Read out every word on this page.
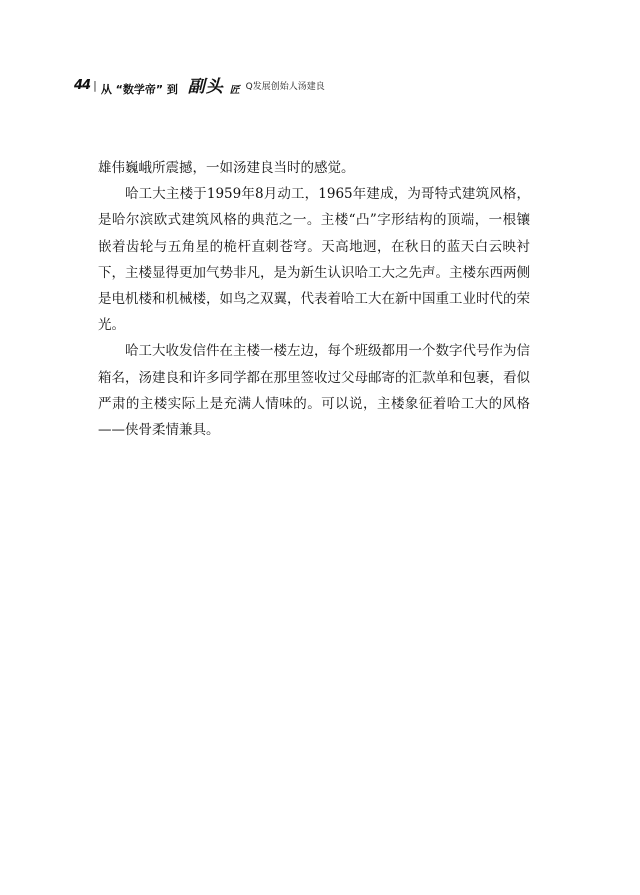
44 | 从 “数学帝” 到 副头 匠 Q发展创始人汤建良

雄伟巍峨所震撼，一如汤建良当时的感觉。

哈工大主楼于1959年8月动工，1965年建成，为哥特式建筑风格，是哈尔滨欧式建筑风格的典范之一。主楼“凸”字形结构的顶端，一根镶嵌着齿轮与五角星的桅杆直刺苍穹。天高地迥，在秋日的蓝天白云映衬下，主楼显得更加气势非凡，是为新生认识哈工大之先声。主楼东西两侧是电机楼和机械楼，如鸟之双翼，代表着哈工大在新中国重工业时代的荣光。

哈工大收发信件在主楼一楼左边，每个班级都用一个数字代号作为信箱名，汤建良和许多同学都在那里签收过父母邮寄的汇款单和包裹，看似严肃的主楼实际上是充满人情味的。可以说，主楼象征着哈工大的风格——侠骨柔情兼具。
